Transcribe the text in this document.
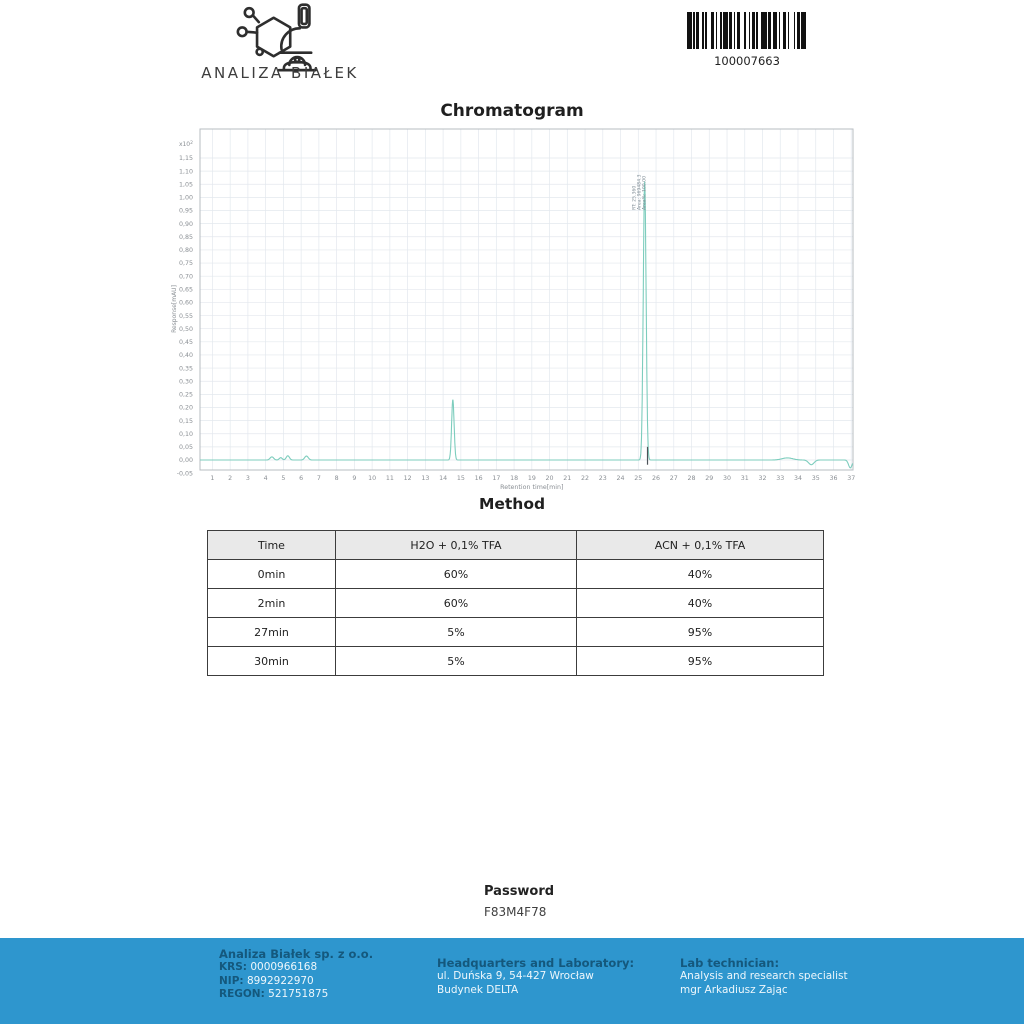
ANALIZA BIAŁEK
100007663
Chromatogram
-0,05
0,00
0,05
0,10
0,15
0,20
0,25
0,30
0,35
0,40
0,45
0,50
0,55
0,60
0,65
0,70
0,75
0,80
0,85
0,90
0,95
1,00
1,05
1,10
1,15
$x10^2$
1 2 3 4 5 6 7 8 9 10 11 12 13 14 15 16 17 18 19 20 21 22 23 24 25 26 27 28 29 30 31 32 33 34 35 36 37
Retention time[min]
Response[mAU]
RT: 25.360 Area: 969484.3 Area%: 100.00
Method
Time	H2O + 0,1% TFA	ACN + 0,1% TFA
0min	60%	40%
2min	60%	40%
27min	5%	95%
30min	5%	95%
Password
F83M4F78
Analiza Białek sp. z o.o.
KRS: 0000966168
NIP: 8992922970
REGON: 521751875
Headquarters and Laboratory:
ul. Duńska 9, 54-427 Wrocław
Budynek DELTA
Lab technician:
Analysis and research specialist
mgr Arkadiusz Zając
